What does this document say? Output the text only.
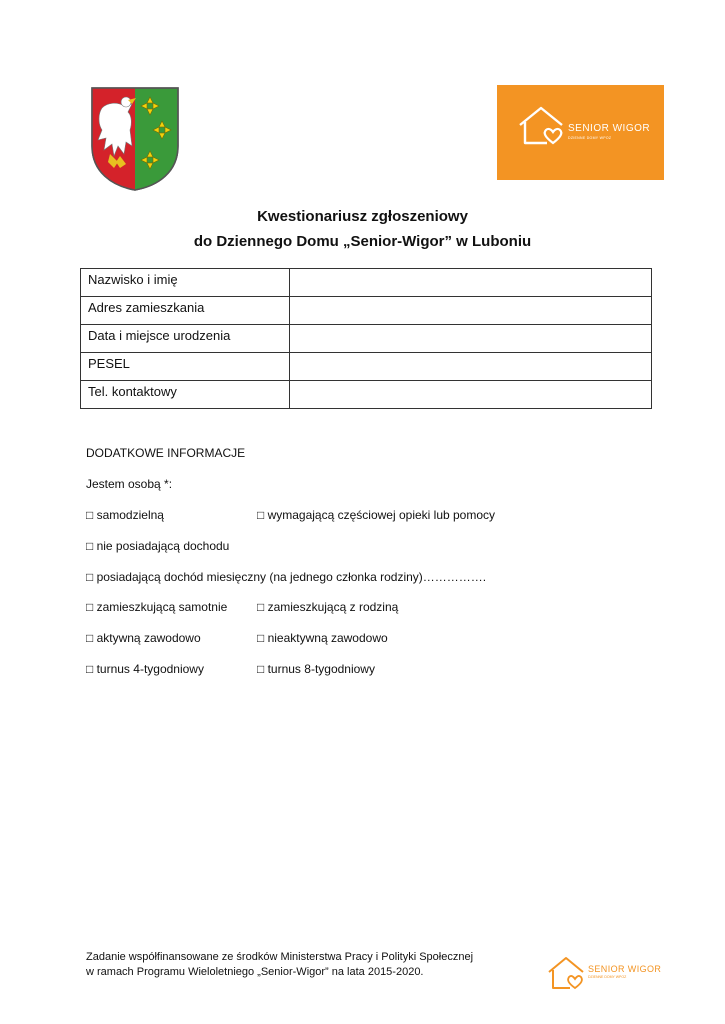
SENIOR WIGOR
DZIENNE DOMY WPOZ
Kwestionariusz zgłoszeniowy
do Dziennego Domu „Senior-Wigor” w Luboniu
Nazwisko i imię	
Adres zamieszkania	
Data i miejsce urodzenia	
PESEL	
Tel. kontaktowy	
DODATKOWE INFORMACJE
Jestem osobą *:
□ samodzielną	□ wymagającą częściowej opieki lub pomocy
□ nie posiadającą dochodu
□ posiadającą dochód miesięczny (na jednego członka rodziny)…………….
□ zamieszkującą samotnie □ zamieszkującą z rodziną
□ aktywną zawodowo	□ nieaktywną zawodowo
□ turnus 4-tygodniowy	□ turnus 8-tygodniowy
Zadanie współfinansowane ze środków Ministerstwa Pracy i Polityki Społecznej
w ramach Programu Wieloletniego „Senior-Wigor” na lata 2015-2020.	SENIOR WIGOR
DZIENNE DOMY WPOZ
